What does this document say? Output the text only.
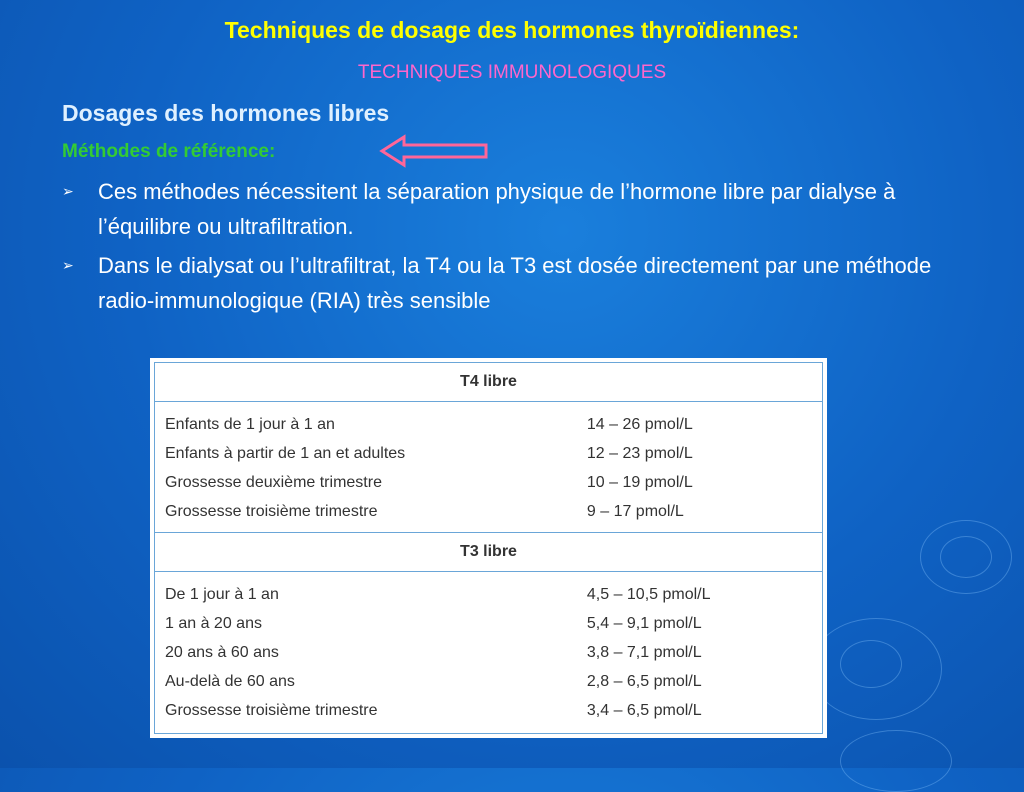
Techniques de dosage des hormones thyroïdiennes:
TECHNIQUES IMMUNOLOGIQUES
Dosages des hormones libres
Méthodes de référence:
➢ Ces méthodes nécessitent la séparation physique de l’hormone libre par dialyse à l’équilibre ou ultrafiltration.
➢ Dans le dialysat ou l’ultrafiltrat, la T4 ou la T3 est dosée directement par une méthode radio-immunologique (RIA) très sensible
T4 libre
Enfants de 1 jour à 1 an	14 – 26 pmol/L
Enfants à partir de 1 an et adultes	12 – 23 pmol/L
Grossesse deuxième trimestre	10 – 19 pmol/L
Grossesse troisième trimestre	9 – 17 pmol/L
T3 libre
De 1 jour à 1 an	4,5 – 10,5 pmol/L
1 an à 20 ans	5,4 – 9,1 pmol/L
20 ans à 60 ans	3,8 – 7,1 pmol/L
Au-delà de 60 ans	2,8 – 6,5 pmol/L
Grossesse troisième trimestre	3,4 – 6,5 pmol/L
